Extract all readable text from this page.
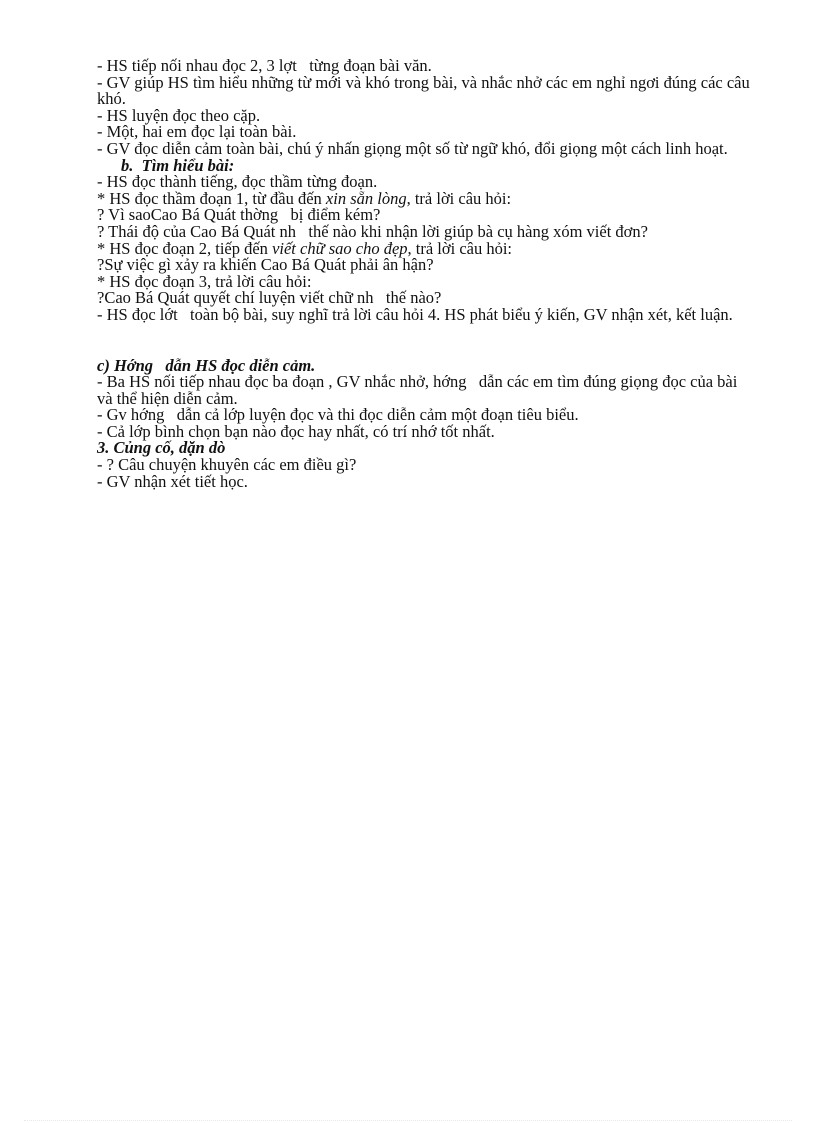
- HS tiếp nối nhau đọc 2, 3 lợt   từng đoạn bài văn.

- GV giúp HS tìm hiểu những từ mới và khó trong bài, và nhắc nhở các em nghỉ ngơi đúng các câu khó.

- HS luyện đọc theo cặp.

- Một, hai em đọc lại toàn bài.

- GV đọc diễn cảm toàn bài, chú ý nhấn giọng một số từ ngữ khó, đổi giọng một cách linh hoạt.

b.  Tìm hiểu bài:

- HS đọc thành tiếng, đọc thầm từng đoạn.

* HS đọc thầm đoạn 1, từ đầu đến xin sẵn lòng, trả lời câu hỏi:

? Vì saoCao Bá Quát thờng   bị điểm kém?

? Thái độ của Cao Bá Quát nh   thế nào khi nhận lời giúp bà cụ hàng xóm viết đơn?

* HS đọc đoạn 2, tiếp đến viết chữ sao cho đẹp, trả lời câu hỏi:

?Sự việc gì xảy ra khiến Cao Bá Quát phải ân hận?

* HS đọc đoạn 3, trả lời câu hỏi:

?Cao Bá Quát quyết chí luyện viết chữ nh   thế nào?

- HS đọc lớt   toàn bộ bài, suy nghĩ trả lời câu hỏi 4. HS phát biểu ý kiến, GV nhận xét, kết luận.

c) Hớng   dẫn HS đọc diễn cảm.

- Ba HS nối tiếp nhau đọc ba đoạn , GV nhắc nhở, hớng   dẫn các em tìm đúng giọng đọc của bài và thể hiện diễn cảm.

- Gv hớng   dẫn cả lớp luyện đọc và thi đọc diễn cảm một đoạn tiêu biểu.

- Cả lớp bình chọn bạn nào đọc hay nhất, có trí nhớ tốt nhất.

3. Củng cố, dặn dò

- ? Câu chuyện khuyên các em điều gì?

- GV nhận xét tiết học.
